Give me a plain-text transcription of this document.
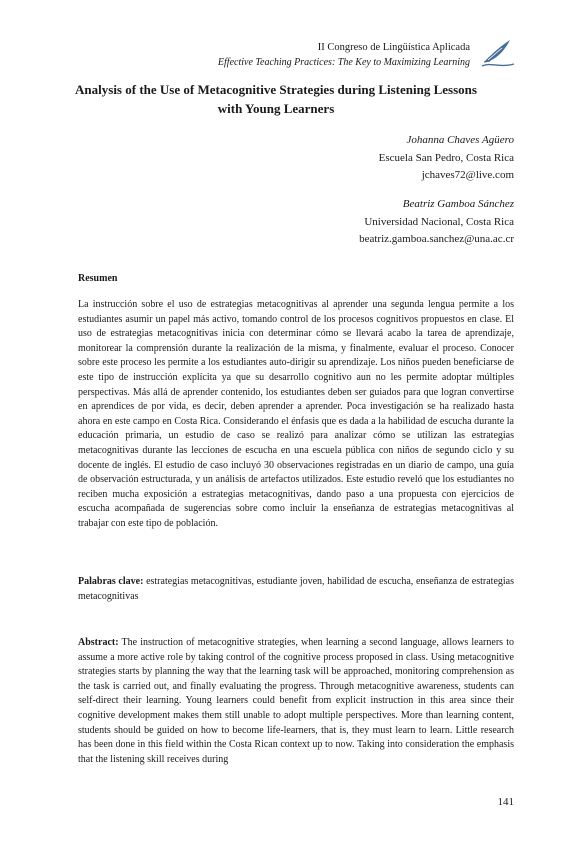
II Congreso de Lingüística Aplicada
Effective Teaching Practices: The Key to Maximizing Learning
Analysis of the Use of Metacognitive Strategies during Listening Lessons
with Young Learners
Johanna Chaves Agüero
Escuela San Pedro, Costa Rica
jchaves72@live.com
Beatriz Gamboa Sánchez
Universidad Nacional, Costa Rica
beatriz.gamboa.sanchez@una.ac.cr
Resumen
La instrucción sobre el uso de estrategias metacognitivas al aprender una segunda lengua permite a los estudiantes asumir un papel más activo, tomando control de los procesos cognitivos propuestos en clase. El uso de estrategias metacognitivas inicia con determinar cómo se llevará acabo la tarea de aprendizaje, monitorear la comprensión durante la realización de la misma, y finalmente, evaluar el proceso. Conocer sobre este proceso les permite a los estudiantes auto-dirigir su aprendizaje. Los niños pueden beneficiarse de este tipo de instrucción explícita ya que su desarrollo cognitivo aun no les permite adoptar múltiples perspectivas. Más allá de aprender contenido, los estudiantes deben ser guiados para que logran convertirse en aprendices de por vida, es decir, deben aprender a aprender. Poca investigación se ha realizado hasta ahora en este campo en Costa Rica. Considerando el énfasis que es dada a la habilidad de escucha durante la educación primaria, un estudio de caso se realizó para analizar cómo se utilizan las estrategias metacognitivas durante las lecciones de escucha en una escuela pública con niños de segundo ciclo y su docente de inglés. El estudio de caso incluyó 30 observaciones registradas en un diario de campo, una guía de observación estructurada, y un análisis de artefactos utilizados. Este estudio reveló que los estudiantes no reciben mucha exposición a estrategias metacognitivas, dando paso a una propuesta con ejercicios de escucha acompañada de sugerencias sobre como incluir la enseñanza de estrategias metacognitivas al trabajar con este tipo de población.
Palabras clave: estrategias metacognitivas, estudiante joven, habilidad de escucha, enseñanza de estrategias metacognitivas
Abstract: The instruction of metacognitive strategies, when learning a second language, allows learners to assume a more active role by taking control of the cognitive process proposed in class. Using metacognitive strategies starts by planning the way that the learning task will be approached, monitoring comprehension as the task is carried out, and finally evaluating the progress. Through metacognitive awareness, students can self-direct their learning. Young learners could benefit from explicit instruction in this area since their cognitive development makes them still unable to adopt multiple perspectives. More than learning content, students should be guided on how to become life-learners, that is, they must learn to learn. Little research has been done in this field within the Costa Rican context up to now. Taking into consideration the emphasis that the listening skill receives during
141
